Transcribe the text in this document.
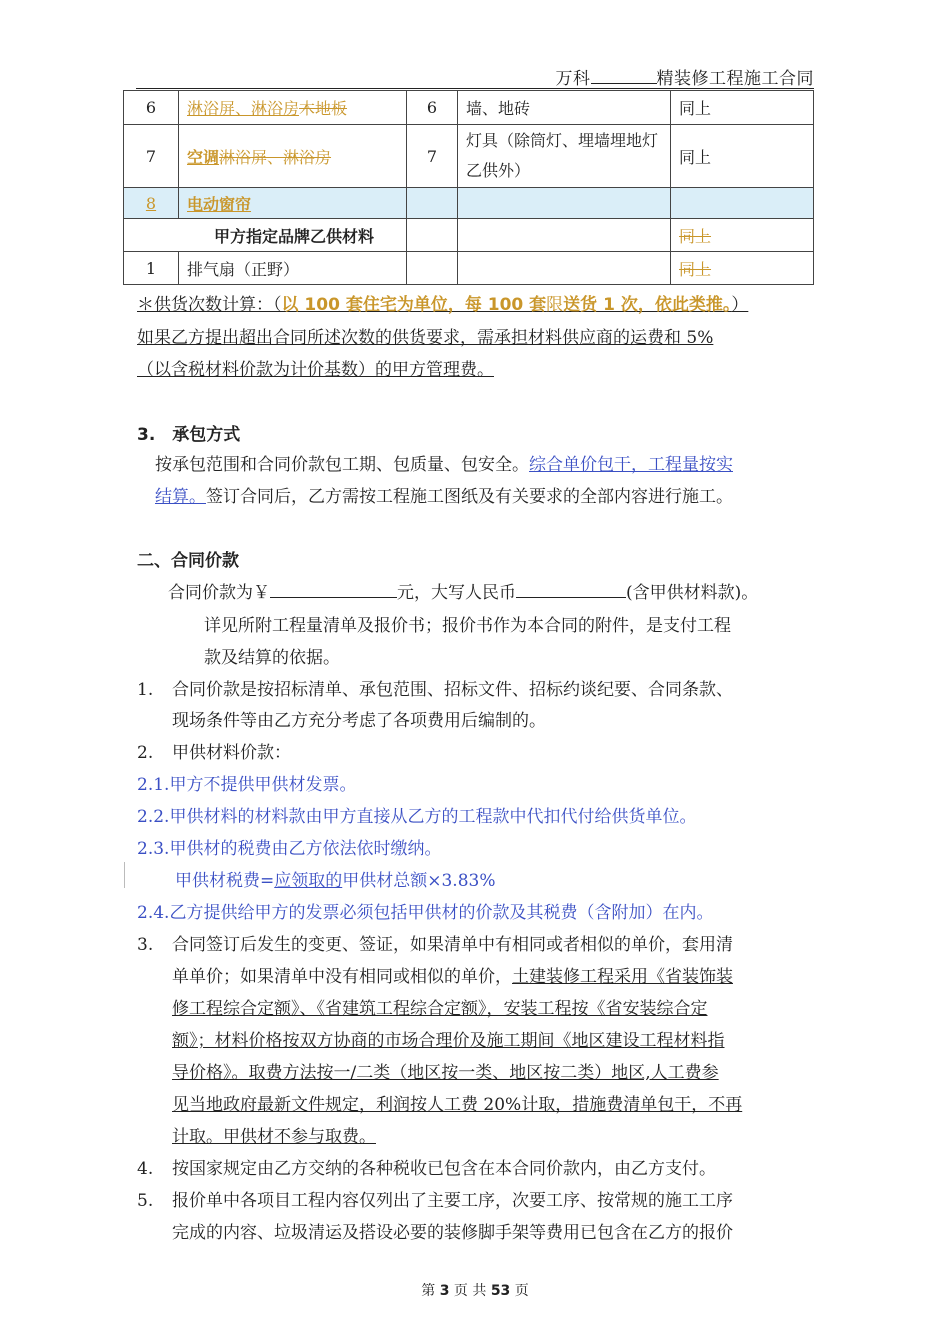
万科	精装修工程施工合同
6	淋浴屏、淋浴房木地板	6	墙、地砖	同上
7	空调淋浴屏、淋浴房	7	灯具（除筒灯、埋墙埋地灯乙供外）	同上
8	电动窗帘			
甲方指定品牌乙供材料				同上
1	排气扇（正野）			同上
＊供货次数计算：（以 100 套住宅为单位，每 100 套限送货 1 次，依此类推。）
如果乙方提出超出合同所述次数的供货要求，需承担材料供应商的运费和 5%
（以含税材料价款为计价基数）的甲方管理费。
3.　承包方式
按承包范围和合同价款包工期、包质量、包安全。综合单价包干，工程量按实
结算。签订合同后，乙方需按工程施工图纸及有关要求的全部内容进行施工。
二、合同价款
合同价款为￥	元，大写人民币	(含甲供材料款)。
详见所附工程量清单及报价书；报价书作为本合同的附件，是支付工程
款及结算的依据。
1. 合同价款是按招标清单、承包范围、招标文件、招标约谈纪要、合同条款、
现场条件等由乙方充分考虑了各项费用后编制的。
2. 甲供材料价款：
2.1.甲方不提供甲供材发票。
2.2.甲供材料的材料款由甲方直接从乙方的工程款中代扣代付给供货单位。
2.3.甲供材的税费由乙方依法依时缴纳。
甲供材税费=应领取的甲供材总额×3.83%
2.4.乙方提供给甲方的发票必须包括甲供材的价款及其税费（含附加）在内。
3. 合同签订后发生的变更、签证，如果清单中有相同或者相似的单价，套用清
单单价；如果清单中没有相同或相似的单价，土建装修工程采用《省装饰装
修工程综合定额》、《省建筑工程综合定额》，安装工程按《省安装综合定
额》；材料价格按双方协商的市场合理价及施工期间《地区建设工程材料指
导价格》。取费方法按一/二类（地区按一类、地区按二类）地区,人工费参
见当地政府最新文件规定，利润按人工费 20%计取，措施费清单包干，不再
计取。甲供材不参与取费。
4. 按国家规定由乙方交纳的各种税收已包含在本合同价款内，由乙方支付。
5. 报价单中各项目工程内容仅列出了主要工序，次要工序、按常规的施工工序
完成的内容、垃圾清运及搭设必要的装修脚手架等费用已包含在乙方的报价
第 3 页 共 53 页
